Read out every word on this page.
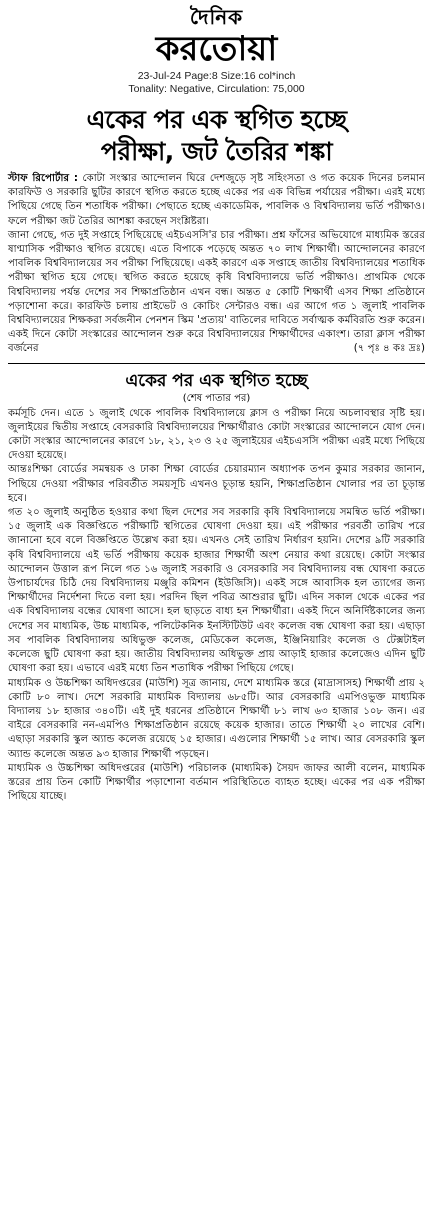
দৈনিক
করতোয়া
23-Jul-24 Page:8 Size:16 col*inch
Tonality: Negative, Circulation: 75,000
একের পর এক স্থগিত হচ্ছে
পরীক্ষা, জট তৈরির শঙ্কা

স্টাফ রিপোর্টার : কোটা সংস্কার আন্দোলন ঘিরে দেশজুড়ে সৃষ্ট সহিংসতা ও গত কয়েক দিনের চলমান কারফিউ ও সরকারি ছুটির কারণে স্থগিত করতে হচ্ছে একের পর এক বিভিন্ন পর্যায়ের পরীক্ষা। এরই মধ্যে পিছিয়ে গেছে তিন শতাধিক পরীক্ষা। পেছাতে হচ্ছে একাডেমিক, পাবলিক ও বিশ্ববিদ্যালয় ভর্তি পরীক্ষাও। ফলে পরীক্ষা জট তৈরির আশঙ্কা করছেন সংশ্লিষ্টরা।

জানা গেছে, গত দুই সপ্তাহে পিছিয়েছে এইচএসসি'র চার পরীক্ষা। প্রশ্ন ফাঁসের অভিযোগে মাধ্যমিক স্তরের ষাণ্মাসিক পরীক্ষাও স্থগিত রয়েছে। এতে বিপাকে পড়েছে অন্তত ৭০ লাখ শিক্ষার্থী। আন্দোলনের কারণে পাবলিক বিশ্ববিদ্যালয়ের সব পরীক্ষা পিছিয়েছে। একই কারণে এক সপ্তাহে জাতীয় বিশ্ববিদ্যালয়ের শতাধিক পরীক্ষা স্থগিত হয়ে গেছে। স্থগিত করতে হয়েছে কৃষি বিশ্ববিদ্যালয়ে ভর্তি পরীক্ষাও। প্রাথমিক থেকে বিশ্ববিদ্যালয় পর্যন্ত দেশের সব শিক্ষাপ্রতিষ্ঠান এখন বন্ধ। অন্তত ৫ কোটি শিক্ষার্থী এসব শিক্ষা প্রতিষ্ঠানে পড়াশোনা করে। কারফিউ চলায় প্রাইভেট ও কোচিং সেন্টারও বন্ধ। এর আগে গত ১ জুলাই পাবলিক বিশ্ববিদ্যালয়ের শিক্ষকরা সর্বজনীন পেনশন স্কিম 'প্রত্যয়' বাতিলের দাবিতে সর্বাত্মক কর্মবিরতি শুরু করেন। একই দিনে কোটা সংস্কারের আন্দোলন শুরু করে বিশ্ববিদ্যালয়ের শিক্ষার্থীদের একাংশ। তারা ক্লাস পরীক্ষা বর্জনের	(৭ পৃঃ ৪ কঃ দ্রঃ)

একের পর এক স্থগিত হচ্ছে
(শেষ পাতার পর)

কর্মসূচি দেন। এতে ১ জুলাই থেকে পাবলিক বিশ্ববিদ্যালয়ে ক্লাস ও পরীক্ষা নিয়ে অচলাবস্থার সৃষ্টি হয়। জুলাইয়ের দ্বিতীয় সপ্তাহে বেসরকারি বিশ্ববিদ্যালয়ের শিক্ষার্থীরাও কোটা সংস্কারের আন্দোলনে যোগ দেন। কোটা সংস্কার আন্দোলনের কারণে ১৮, ২১, ২৩ ও ২৫ জুলাইয়ের এইচএসসি পরীক্ষা এরই মধ্যে পিছিয়ে দেওয়া হয়েছে।

আন্তঃশিক্ষা বোর্ডের সমন্বয়ক ও ঢাকা শিক্ষা বোর্ডের চেয়ারম্যান অধ্যাপক তপন কুমার সরকার জানান, পিছিয়ে দেওয়া পরীক্ষার পরিবর্তীত সময়সূচি এখনও চূড়ান্ত হয়নি, শিক্ষাপ্রতিষ্ঠান খোলার পর তা চূড়ান্ত হবে।

গত ২০ জুলাই অনুষ্ঠিত হওয়ার কথা ছিল দেশের সব সরকারি কৃষি বিশ্ববিদ্যালয়ে সমন্বিত ভর্তি পরীক্ষা। ১৫ জুলাই এক বিজ্ঞপ্তিতে পরীক্ষাটি স্থগিতের ঘোষণা দেওয়া হয়। এই পরীক্ষার পরবর্তী তারিখ পরে জানানো হবে বলে বিজ্ঞপ্তিতে উল্লেখ করা হয়। এখনও সেই তারিখ নির্ধারণ হয়নি। দেশের ৯টি সরকারি কৃষি বিশ্ববিদ্যালয়ে এই ভর্তি পরীক্ষায় কয়েক হাজার শিক্ষার্থী অংশ নেয়ার কথা রয়েছে। কোটা সংস্কার আন্দোলন উত্তাল রূপ নিলে গত ১৬ জুলাই সরকারি ও বেসরকারি সব বিশ্ববিদ্যালয় বন্ধ ঘোষণা করতে উপাচার্যদের চিঠি দেয় বিশ্ববিদ্যালয় মঞ্জুরি কমিশন (ইউজিসি)। একই সঙ্গে আবাসিক হল ত্যাগের জন্য শিক্ষার্থীদের নির্দেশনা দিতে বলা হয়। পরদিন ছিল পবিত্র আশুরার ছুটি। এদিন সকাল থেকে একের পর এক বিশ্ববিদ্যালয় বন্ধের ঘোষণা আসে। হল ছাড়তে বাধ্য হন শিক্ষার্থীরা। একই দিনে অনির্দিষ্টকালের জন্য দেশের সব মাধ্যমিক, উচ্চ মাধ্যমিক, পলিটেকনিক ইনস্টিটিউট এবং কলেজ বন্ধ ঘোষণা করা হয়। এছাড়া সব পাবলিক বিশ্ববিদ্যালয় অধিভুক্ত কলেজ, মেডিকেল কলেজ, ইঞ্জিনিয়ারিং কলেজ ও টেক্সটাইল কলেজে ছুটি ঘোষণা করা হয়। জাতীয় বিশ্ববিদ্যালয় অধিভুক্ত প্রায় আড়াই হাজার কলেজেও এদিন ছুটি ঘোষণা করা হয়। এভাবে এরই মধ্যে তিন শতাধিক পরীক্ষা পিছিয়ে গেছে।

মাধ্যমিক ও উচ্চশিক্ষা অধিদপ্তরের (মাউশি) সূত্র জানায়, দেশে মাধ্যমিক স্তরে (মাদ্রাসাসহ) শিক্ষার্থী প্রায় ২ কোটি ৮০ লাখ। দেশে সরকারি মাধ্যমিক বিদ্যালয় ৬৮৫টি। আর বেসরকারি এমপিওভুক্ত মাধ্যমিক বিদ্যালয় ১৮ হাজার ৩৪০টি। এই দুই ধরনের প্রতিষ্ঠানে শিক্ষার্থী ৮১ লাখ ৬৩ হাজার ১০৮ জন। এর বাইরে বেসরকারি নন-এমপিও শিক্ষাপ্রতিষ্ঠান রয়েছে কয়েক হাজার। তাতে শিক্ষার্থী ২০ লাখের বেশি। এছাড়া সরকারি স্কুল অ্যান্ড কলেজ রয়েছে ১৫ হাজার। এগুলোর শিক্ষার্থী ১৫ লাখ। আর বেসরকারি স্কুল অ্যান্ড কলেজে অন্তত ৯৩ হাজার শিক্ষার্থী পড়ছেন।

মাধ্যমিক ও উচ্চশিক্ষা অধিদপ্তরের (মাউশি) পরিচালক (মাধ্যমিক) সৈয়দ জাফর আলী বলেন, মাধ্যমিক স্তরের প্রায় তিন কোটি শিক্ষার্থীর পড়াশোনা বর্তমান পরিস্থিতিতে ব্যাহত হচ্ছে। একের পর এক পরীক্ষা পিছিয়ে যাচ্ছে।
